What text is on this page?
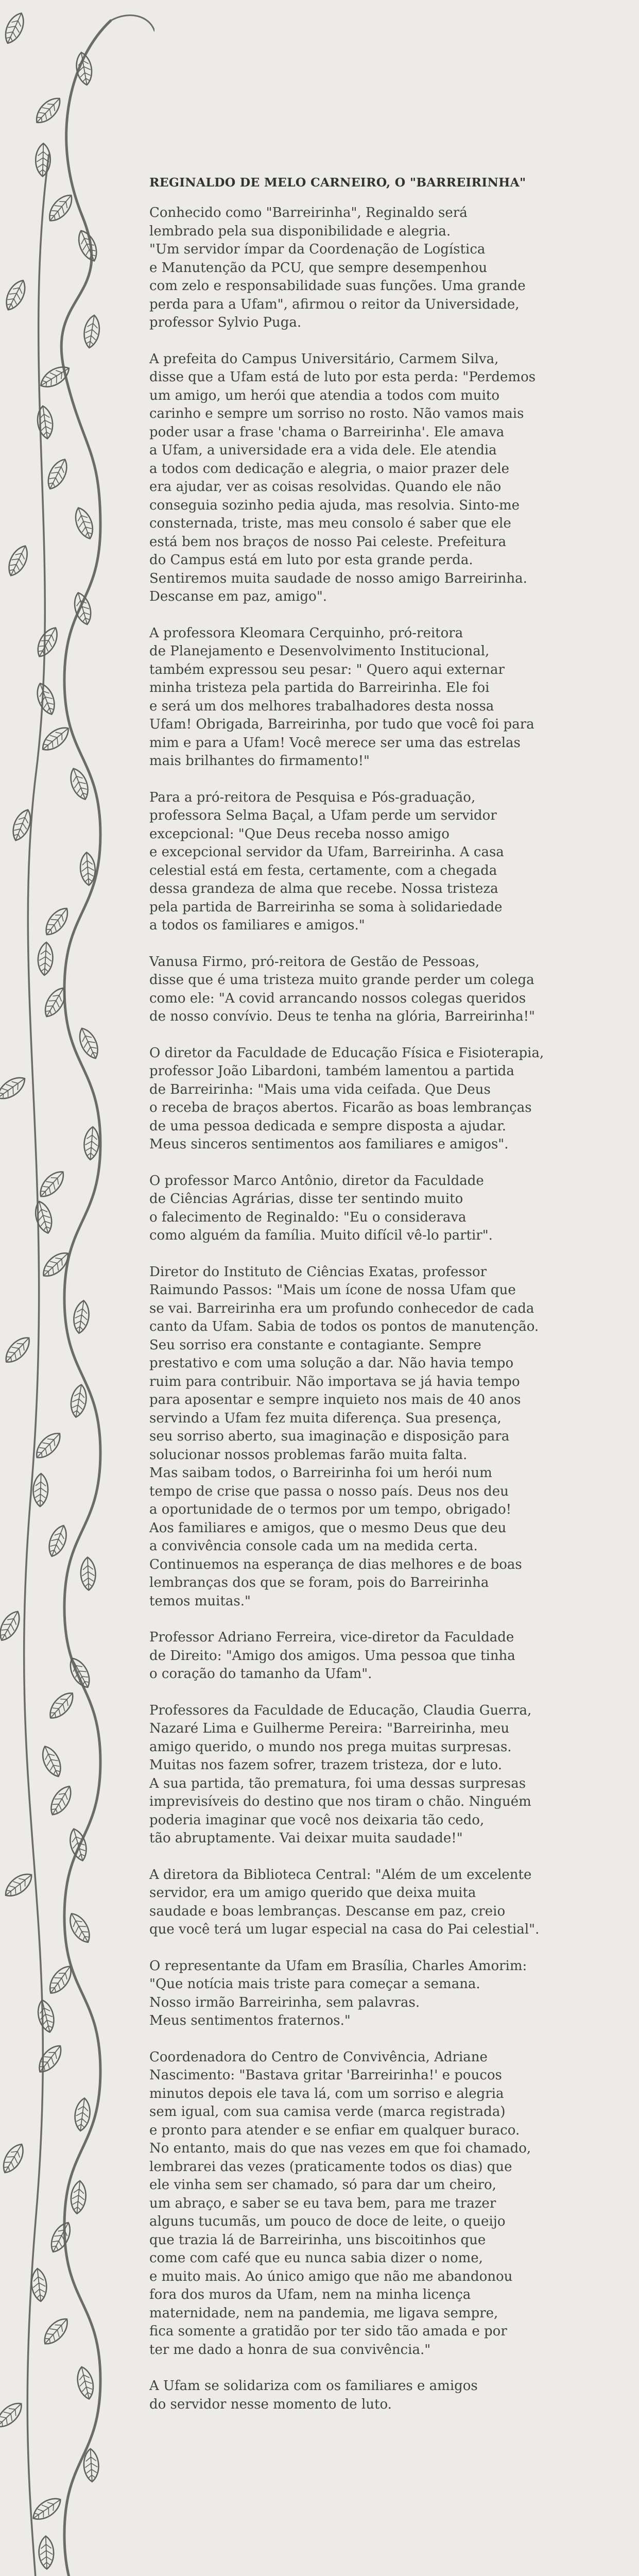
REGINALDO DE MELO CARNEIRO, O "BARREIRINHA"

Conhecido como "Barreirinha", Reginaldo será
lembrado pela sua disponibilidade e alegria.
"Um servidor ímpar da Coordenação de Logística
e Manutenção da PCU, que sempre desempenhou
com zelo e responsabilidade suas funções. Uma grande
perda para a Ufam", afirmou o reitor da Universidade,
professor Sylvio Puga.

A prefeita do Campus Universitário, Carmem Silva,
disse que a Ufam está de luto por esta perda: "Perdemos
um amigo, um herói que atendia a todos com muito
carinho e sempre um sorriso no rosto. Não vamos mais
poder usar a frase 'chama o Barreirinha'. Ele amava
a Ufam, a universidade era a vida dele. Ele atendia
a todos com dedicação e alegria, o maior prazer dele
era ajudar, ver as coisas resolvidas. Quando ele não
conseguia sozinho pedia ajuda, mas resolvia. Sinto-me
consternada, triste, mas meu consolo é saber que ele
está bem nos braços de nosso Pai celeste. Prefeitura
do Campus está em luto por esta grande perda.
Sentiremos muita saudade de nosso amigo Barreirinha.
Descanse em paz, amigo".

A professora Kleomara Cerquinho, pró-reitora
de Planejamento e Desenvolvimento Institucional,
também expressou seu pesar: " Quero aqui externar
minha tristeza pela partida do Barreirinha. Ele foi
e será um dos melhores trabalhadores desta nossa
Ufam! Obrigada, Barreirinha, por tudo que você foi para
mim e para a Ufam! Você merece ser uma das estrelas
mais brilhantes do firmamento!"

Para a pró-reitora de Pesquisa e Pós-graduação,
professora Selma Baçal, a Ufam perde um servidor
excepcional: "Que Deus receba nosso amigo
e excepcional servidor da Ufam, Barreirinha. A casa
celestial está em festa, certamente, com a chegada
dessa grandeza de alma que recebe. Nossa tristeza
pela partida de Barreirinha se soma à solidariedade
a todos os familiares e amigos."

Vanusa Firmo, pró-reitora de Gestão de Pessoas,
disse que é uma tristeza muito grande perder um colega
como ele: "A covid arrancando nossos colegas queridos
de nosso convívio. Deus te tenha na glória, Barreirinha!"

O diretor da Faculdade de Educação Física e Fisioterapia,
professor João Libardoni, também lamentou a partida
de Barreirinha: "Mais uma vida ceifada. Que Deus
o receba de braços abertos. Ficarão as boas lembranças
de uma pessoa dedicada e sempre disposta a ajudar.
Meus sinceros sentimentos aos familiares e amigos".

O professor Marco Antônio, diretor da Faculdade
de Ciências Agrárias, disse ter sentindo muito
o falecimento de Reginaldo: "Eu o considerava
como alguém da família. Muito difícil vê-lo partir".

Diretor do Instituto de Ciências Exatas, professor
Raimundo Passos: "Mais um ícone de nossa Ufam que
se vai. Barreirinha era um profundo conhecedor de cada
canto da Ufam. Sabia de todos os pontos de manutenção.
Seu sorriso era constante e contagiante. Sempre
prestativo e com uma solução a dar. Não havia tempo
ruim para contribuir. Não importava se já havia tempo
para aposentar e sempre inquieto nos mais de 40 anos
servindo a Ufam fez muita diferença. Sua presença,
seu sorriso aberto, sua imaginação e disposição para
solucionar nossos problemas farão muita falta.
Mas saibam todos, o Barreirinha foi um herói num
tempo de crise que passa o nosso país. Deus nos deu
a oportunidade de o termos por um tempo, obrigado!
Aos familiares e amigos, que o mesmo Deus que deu
a convivência console cada um na medida certa.
Continuemos na esperança de dias melhores e de boas
lembranças dos que se foram, pois do Barreirinha
temos muitas."

Professor Adriano Ferreira, vice-diretor da Faculdade
de Direito: "Amigo dos amigos. Uma pessoa que tinha
o coração do tamanho da Ufam".

Professores da Faculdade de Educação, Claudia Guerra,
Nazaré Lima e Guilherme Pereira: "Barreirinha, meu
amigo querido, o mundo nos prega muitas surpresas.
Muitas nos fazem sofrer, trazem tristeza, dor e luto.
A sua partida, tão prematura, foi uma dessas surpresas
imprevisíveis do destino que nos tiram o chão. Ninguém
poderia imaginar que você nos deixaria tão cedo,
tão abruptamente. Vai deixar muita saudade!"

A diretora da Biblioteca Central: "Além de um excelente
servidor, era um amigo querido que deixa muita
saudade e boas lembranças. Descanse em paz, creio
que você terá um lugar especial na casa do Pai celestial".

O representante da Ufam em Brasília, Charles Amorim:
"Que notícia mais triste para começar a semana.
Nosso irmão Barreirinha, sem palavras.
Meus sentimentos fraternos."

Coordenadora do Centro de Convivência, Adriane
Nascimento: "Bastava gritar 'Barreirinha!' e poucos
minutos depois ele tava lá, com um sorriso e alegria
sem igual, com sua camisa verde (marca registrada)
e pronto para atender e se enfiar em qualquer buraco.
No entanto, mais do que nas vezes em que foi chamado,
lembrarei das vezes (praticamente todos os dias) que
ele vinha sem ser chamado, só para dar um cheiro,
um abraço, e saber se eu tava bem, para me trazer
alguns tucumãs, um pouco de doce de leite, o queijo
que trazia lá de Barreirinha, uns biscoitinhos que
come com café que eu nunca sabia dizer o nome,
e muito mais. Ao único amigo que não me abandonou
fora dos muros da Ufam, nem na minha licença
maternidade, nem na pandemia, me ligava sempre,
fica somente a gratidão por ter sido tão amada e por
ter me dado a honra de sua convivência."

A Ufam se solidariza com os familiares e amigos
do servidor nesse momento de luto.
